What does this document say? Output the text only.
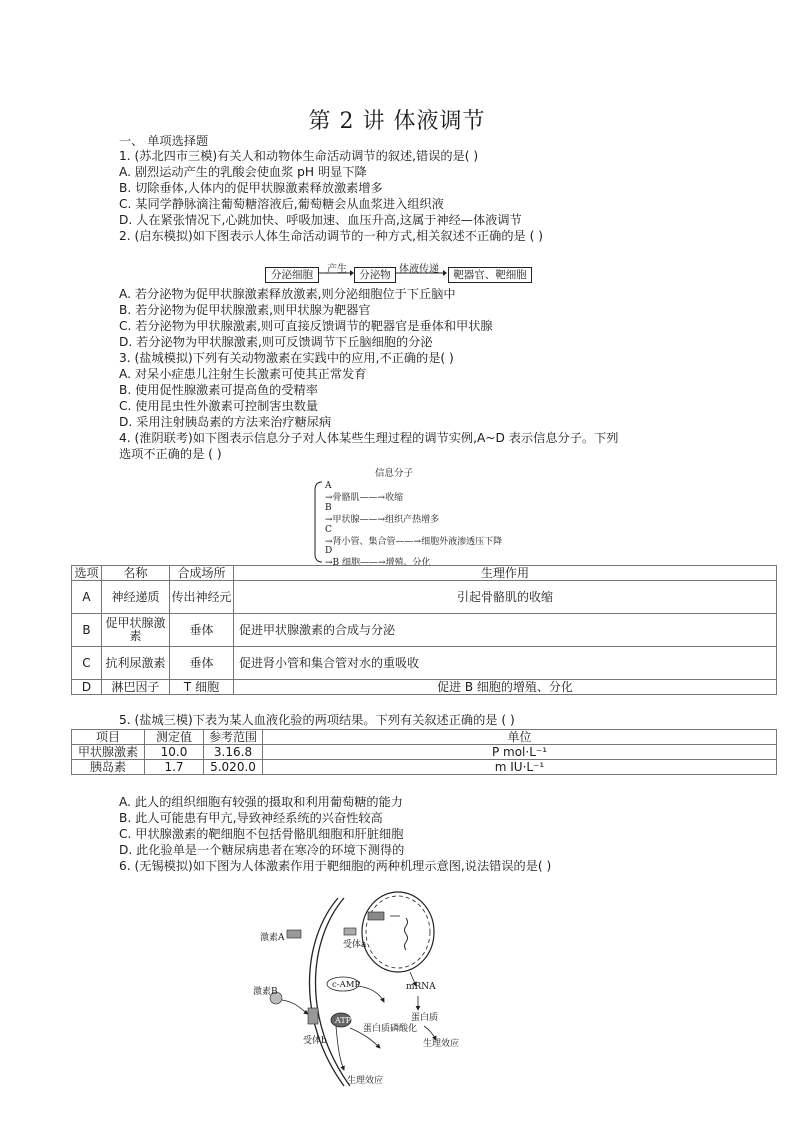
第 2 讲 体液调节
一、 单项选择题
1. (苏北四市三模)有关人和动物体生命活动调节的叙述,错误的是( )
A. 剧烈运动产生的乳酸会使血浆 pH 明显下降
B. 切除垂体,人体内的促甲状腺激素释放激素增多
C. 某同学静脉滴注葡萄糖溶液后,葡萄糖会从血浆进入组织液
D. 人在紧张情况下,心跳加快、呼吸加速、血压升高,这属于神经—体液调节
2. (启东模拟)如下图表示人体生命活动调节的一种方式,相关叙述不正确的是 ( )
分泌细胞	产生	分泌物 体液传递	靶器官、靶细胞
A. 若分泌物为促甲状腺激素释放激素,则分泌细胞位于下丘脑中
B. 若分泌物为促甲状腺激素,则甲状腺为靶器官
C. 若分泌物为甲状腺激素,则可直接反馈调节的靶器官是垂体和甲状腺
D. 若分泌物为甲状腺激素,则可反馈调节下丘脑细胞的分泌
3. (盐城模拟)下列有关动物激素在实践中的应用,不正确的是( )
A. 对呆小症患儿注射生长激素可使其正常发育
B. 使用促性腺激素可提高鱼的受精率
C. 使用昆虫性外激素可控制害虫数量
D. 采用注射胰岛素的方法来治疗糖尿病
4. (淮阴联考)如下图表示信息分子对人体某些生理过程的调节实例,A~D 表示信息分子。下列
选项不正确的是 ( )
信息分子
A
→骨骼肌——→收缩
B
→甲状腺——→组织产热增多
C
→肾小管、集合管——→细胞外液渗透压下降
D
→B 细胞——→增殖、分化
选项	名称	合成场所	生理作用
A	神经递质	传出神经元	引起骨骼肌的收缩
B	促甲状腺激素	垂体	促进甲状腺激素的合成与分泌
C	抗利尿激素	垂体	促进肾小管和集合管对水的重吸收
D	淋巴因子	T 细胞	促进 B 细胞的增殖、分化
5. (盐城三模)下表为某人血液化验的两项结果。下列有关叙述正确的是 ( )
项目	测定值	参考范围	单位
甲状腺激素	10.0	3.16.8	P mol·L⁻¹
胰岛素	1.7	5.020.0	m IU·L⁻¹
A. 此人的组织细胞有较强的摄取和利用葡萄糖的能力
B. 此人可能患有甲亢,导致神经系统的兴奋性较高
C. 甲状腺激素的靶细胞不包括骨骼肌细胞和肝脏细胞
D. 此化验单是一个糖尿病患者在寒冷的环境下测得的
6. (无锡模拟)如下图为人体激素作用于靶细胞的两种机理示意图,说法错误的是( )
激素A
受体a
激素B
c-AMP
ATP
mRNA
蛋白质
蛋白质磷酸化
生理效应
受体b
生理效应
